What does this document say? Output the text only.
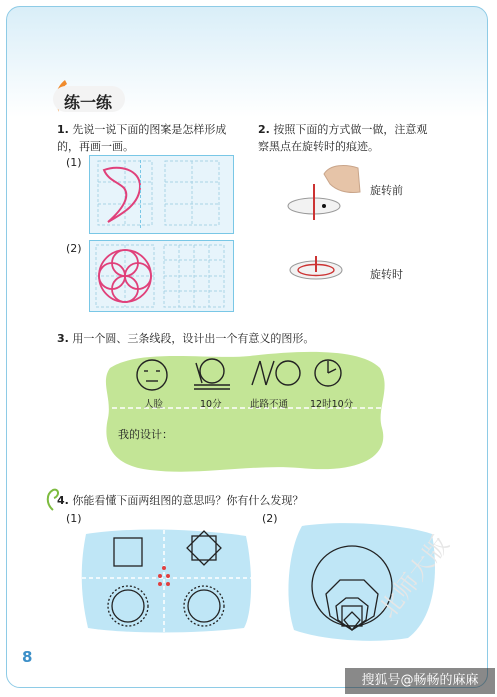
练一练
1. 先说一说下面的图案是怎样形成
的，再画一画。
(1)
(2)
2. 按照下面的方式做一做，注意观
察黑点在旋转时的痕迹。
旋转前
旋转时
3. 用一个圆、三条线段，设计出一个有意义的图形。
人脸	10分	此路不通 12时10分
我的设计：
4. 你能看懂下面两组图的意思吗？你有什么发现？
(1)	(2)
8
北师大版
搜狐号@畅畅的麻麻
